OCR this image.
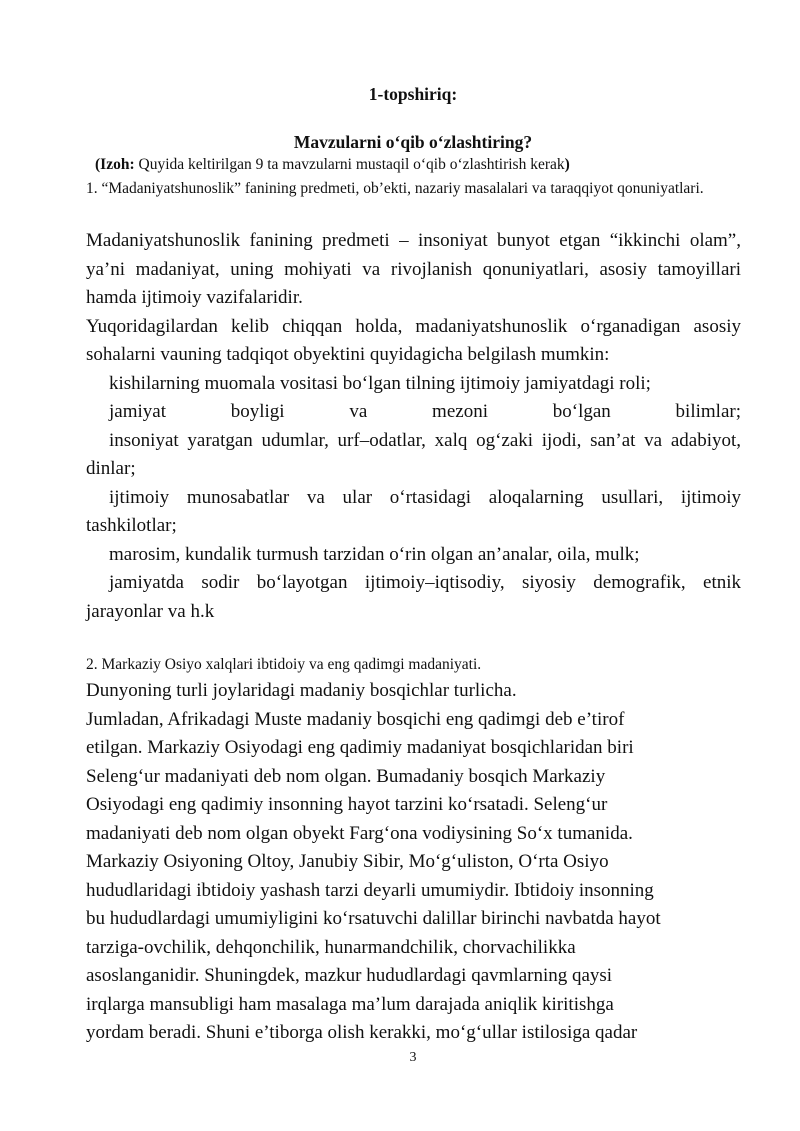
1-topshiriq:
Mavzularni o‘qib o‘zlashtiring?
(Izoh: Quyida keltirilgan 9 ta mavzularni mustaqil o‘qib o‘zlashtirish kerak)
1. “Madaniyatshunoslik” fanining predmeti, ob’ekti, nazariy masalalari va taraqqiyot qonuniyatlari.

Madaniyatshunoslik fanining predmeti – insoniyat bunyot etgan “ikkinchi olam”, ya’ni madaniyat, uning mohiyati va rivojlanish qonuniyatlari, asosiy tamoyillari hamda ijtimoiy vazifalaridir.

Yuqoridagilardan kelib chiqqan holda, madaniyatshunoslik o‘rganadigan asosiy sohalarni vauning tadqiqot obyektini quyidagicha belgilash mumkin:

kishilarning muomala vositasi bo‘lgan tilning ijtimoiy jamiyatdagi roli;

jamiyat boyligi va mezoni bo‘lgan bilimlar;

insoniyat yaratgan udumlar, urf–odatlar, xalq og‘zaki ijodi, san’at va adabiyot, dinlar;

ijtimoiy munosabatlar va ular o‘rtasidagi aloqalarning usullari, ijtimoiy tashkilotlar;

marosim, kundalik turmush tarzidan o‘rin olgan an’analar, oila, mulk;

jamiyatda sodir bo‘layotgan ijtimoiy–iqtisodiy, siyosiy demografik, etnik jarayonlar va h.k

2. Markaziy Osiyo xalqlari ibtidoiy va eng qadimgi madaniyati.

Dunyoning turli joylaridagi madaniy bosqichlar turlicha.

Jumladan, Afrikadagi Muste madaniy bosqichi eng qadimgi deb e’tirof

etilgan. Markaziy Osiyodagi eng qadimiy madaniyat bosqichlaridan biri

Seleng‘ur madaniyati deb nom olgan. Bumadaniy bosqich Markaziy

Osiyodagi eng qadimiy insonning hayot tarzini ko‘rsatadi. Seleng‘ur

madaniyati deb nom olgan obyekt Farg‘ona vodiysining So‘x tumanida.

Markaziy Osiyoning Oltoy, Janubiy Sibir, Mo‘g‘uliston, O‘rta Osiyo

hududlaridagi ibtidoiy yashash tarzi deyarli umumiydir. Ibtidoiy insonning

bu hududlardagi umumiyligini ko‘rsatuvchi dalillar birinchi navbatda hayot

tarziga-ovchilik, dehqonchilik, hunarmandchilik, chorvachilikka

asoslanganidir. Shuningdek, mazkur hududlardagi qavmlarning qaysi

irqlarga mansubligi ham masalaga ma’lum darajada aniqlik kiritishga

yordam beradi. Shuni e’tiborga olish kerakki, mo‘g‘ullar istilosiga qadar

3
